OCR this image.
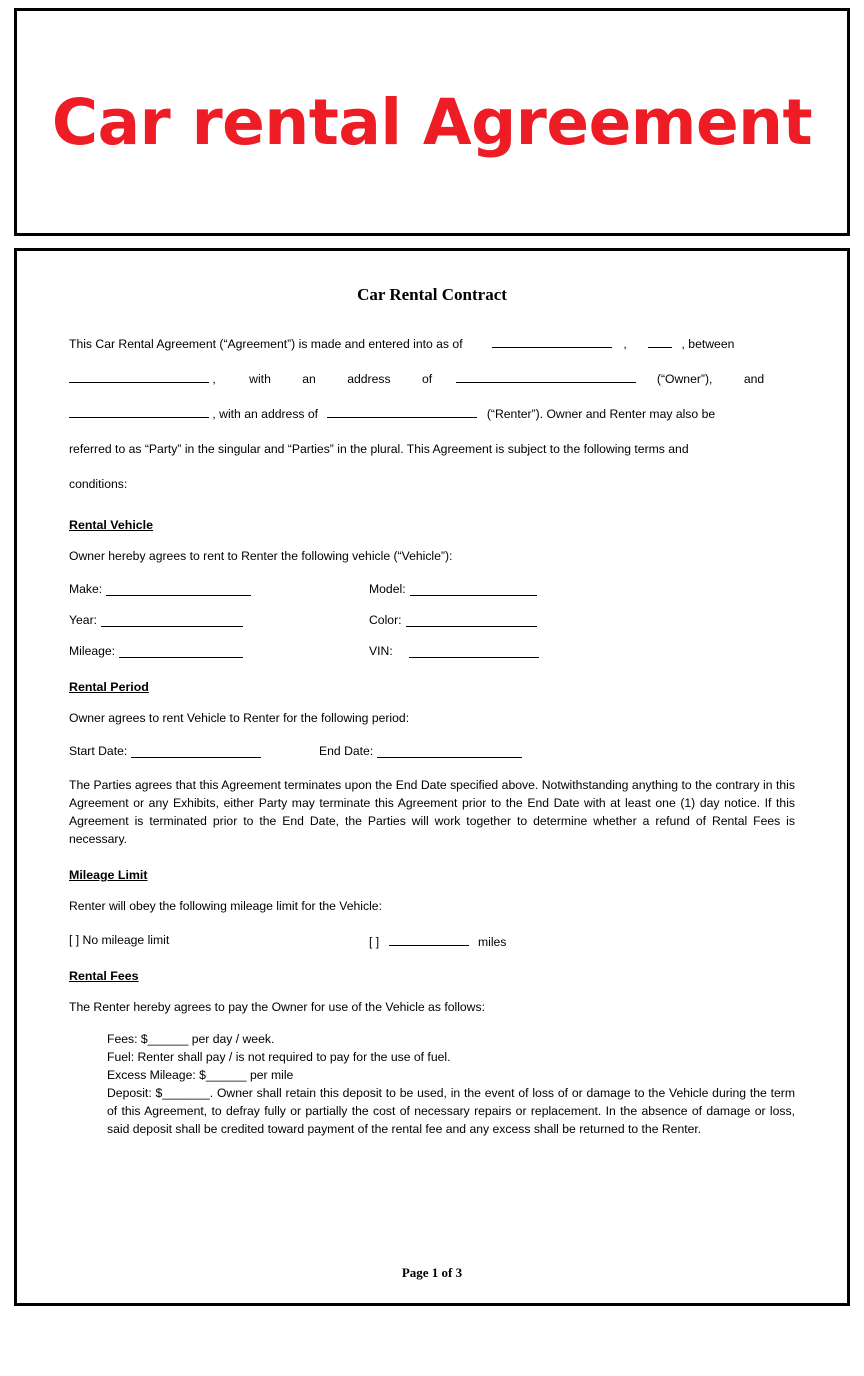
Car rental Agreement
Car Rental Contract
This Car Rental Agreement (“Agreement”) is made and entered into as of	,	, between
,	with	an	address	of	(“Owner”),	and
, with an address of	(“Renter”). Owner and Renter may also be
referred to as “Party” in the singular and “Parties” in the plural. This Agreement is subject to the following terms and
conditions:
Rental Vehicle
Owner hereby agrees to rent to Renter the following vehicle (“Vehicle”):
Make:	Model:
Year:	Color:
Mileage:	VIN:
Rental Period
Owner agrees to rent Vehicle to Renter for the following period:
Start Date:	End Date:
The Parties agrees that this Agreement terminates upon the End Date specified above. Notwithstanding anything to the contrary in this Agreement or any Exhibits, either Party may terminate this Agreement prior to the End Date with at least one (1) day notice. If this Agreement is terminated prior to the End Date, the Parties will work together to determine whether a refund of Rental Fees is necessary.
Mileage Limit
Renter will obey the following mileage limit for the Vehicle:
[ ] No mileage limit	[ ]	miles
Rental Fees
The Renter hereby agrees to pay the Owner for use of the Vehicle as follows:
Fees: $______ per day / week.
Fuel: Renter shall pay / is not required to pay for the use of fuel.
Excess Mileage: $______ per mile
Deposit: $_______. Owner shall retain this deposit to be used, in the event of loss of or damage to the Vehicle during the term of this Agreement, to defray fully or partially the cost of necessary repairs or replacement. In the absence of damage or loss, said deposit shall be credited toward payment of the rental fee and any excess shall be returned to the Renter.
Page 1 of 3
